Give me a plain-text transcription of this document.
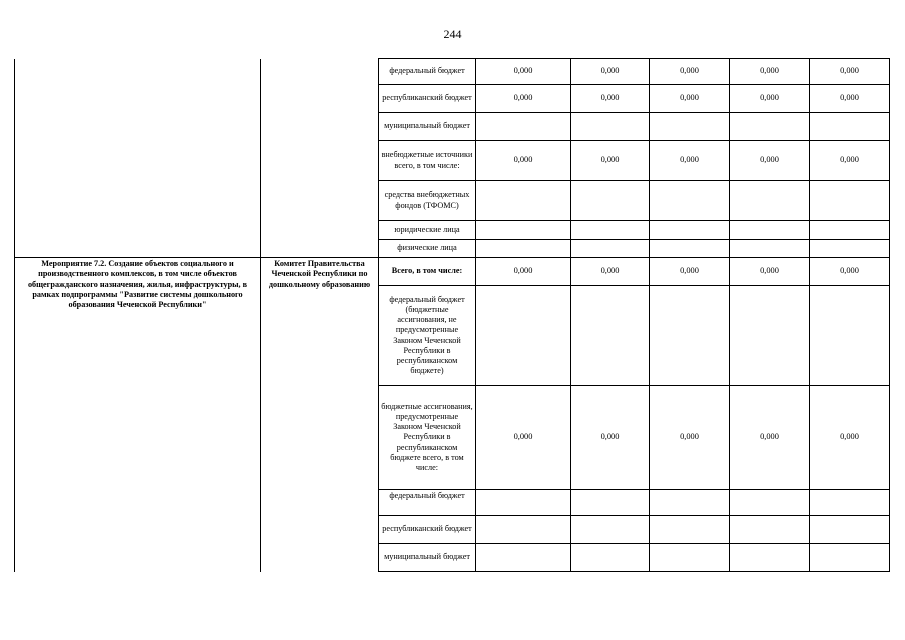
244
		федеральный бюджет	0,000	0,000	0,000	0,000	0,000
		республиканский бюджет	0,000	0,000	0,000	0,000	0,000
		муниципальный бюджет					
		внебюджетные источники всего, в том числе:	0,000	0,000	0,000	0,000	0,000
		средства внебюджетных фондов (ТФОМС)					
		юридические лица					
		физические лица					
Мероприятие 7.2. Создание объектов социального и производственного комплексов, в том числе объектов общегражданского назначения, жилья, инфраструктуры, в рамках подпрограммы "Развитие системы дошкольного образования Чеченской Республики"	Комитет Правительства Чеченской Республики по дошкольному образованию	Всего, в том числе:	0,000	0,000	0,000	0,000	0,000
		федеральный бюджет (бюджетные ассигнования, не предусмотренные Законом Чеченской Республики в республиканском бюджете)					
		бюджетные ассигнования, предусмотренные Законом Чеченской Республики в республиканском бюджете всего, в том числе:	0,000	0,000	0,000	0,000	0,000
		федеральный бюджет					
		республиканский бюджет					
		муниципальный бюджет					
